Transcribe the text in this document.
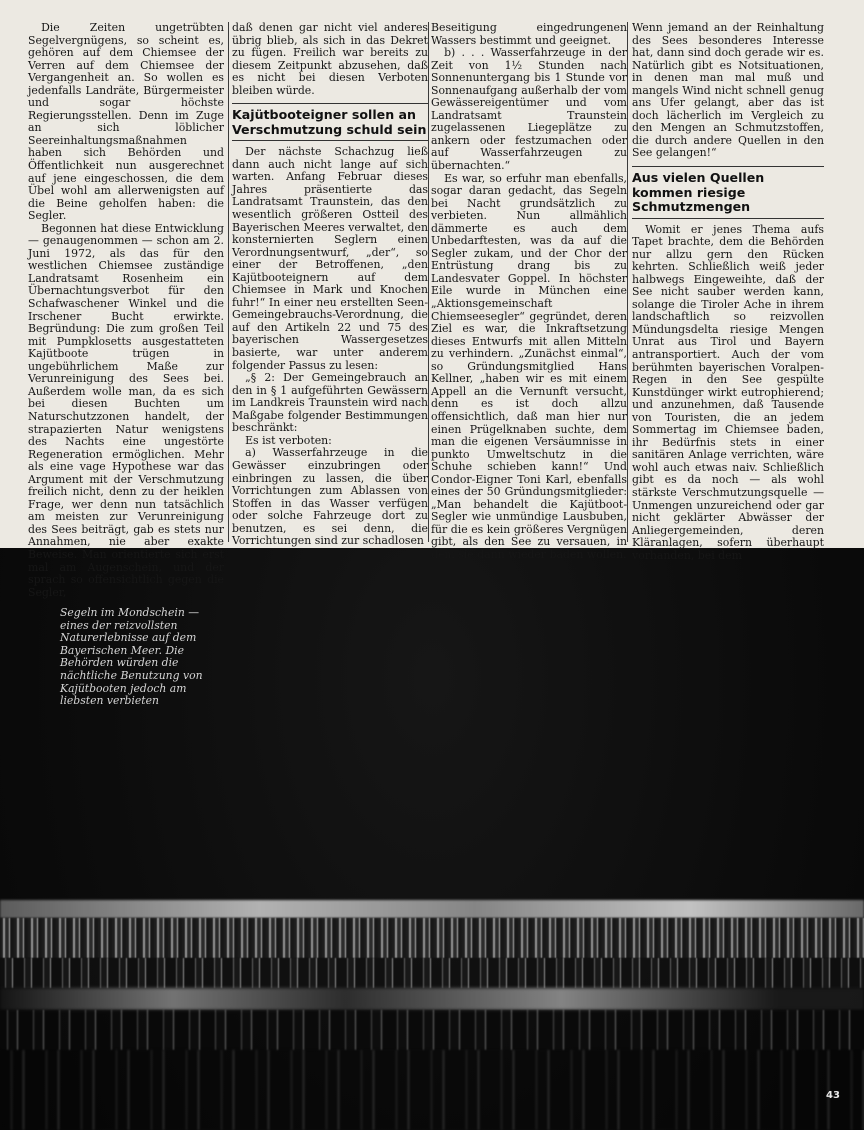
Die Zeiten ungetrübten Segelvergnügens, so scheint es, gehören auf dem Chiemsee der Verren auf dem Chiemsee der Vergangenheit an. So wollen es jedenfalls Landräte, Bürgermeister und sogar höchste Regierungsstellen. Denn im Zuge an sich löblicher Seereinhaltungsmaßnahmen haben sich Behörden und Öffentlichkeit nun ausgerechnet auf jene eingeschossen, die dem Übel wohl am allerwenigsten auf die Beine geholfen haben: die Segler.

Begonnen hat diese Entwicklung — genaugenommen — schon am 2. Juni 1972, als das für den westlichen Chiemsee zuständige Landratsamt Rosenheim ein Übernachtungsverbot für den Schafwaschener Winkel und die Irschener Bucht erwirkte. Begründung: Die zum großen Teil mit Pumpklosetts ausgestatteten Kajütboote trügen in ungebührlichem Maße zur Verunreinigung des Sees bei. Außerdem wolle man, da es sich bei diesen Buchten um Naturschutzzonen handelt, der strapazierten Natur wenigstens des Nachts eine ungestörte Regeneration ermöglichen. Mehr als eine vage Hypothese war das Argument mit der Verschmutzung freilich nicht, denn zu der heiklen Frage, wer denn nun tatsächlich am meisten zur Verunreinigung des Sees beiträgt, gab es stets nur Annahmen, nie aber exakte Beweise. Man orientierte sich erst mal am Augenschein, und der sprach so offensichtlich gegen die Segler,

daß denen gar nicht viel anderes übrig blieb, als sich in das Dekret zu fügen. Freilich war bereits zu diesem Zeitpunkt abzusehen, daß es nicht bei diesen Verboten bleiben würde.

Kajütbooteigner sollen an Verschmutzung schuld sein

Der nächste Schachzug ließ dann auch nicht lange auf sich warten. Anfang Februar dieses Jahres präsentierte das Landratsamt Traunstein, das den wesentlich größeren Ostteil des Bayerischen Meeres verwaltet, den konsternierten Seglern einen Verordnungsentwurf, „der“, so einer der Betroffenen, „den Kajütbooteignern auf dem Chiemsee in Mark und Knochen fuhr!“ In einer neu erstellten Seen-Gemeingebrauchs-Verordnung, die auf den Artikeln 22 und 75 des bayerischen Wassergesetzes basierte, war unter anderem folgender Passus zu lesen:

„§ 2: Der Gemeingebrauch an den in § 1 aufgeführten Gewässern im Landkreis Traunstein wird nach Maßgabe folgender Bestimmungen beschränkt:

Es ist verboten:

a) Wasserfahrzeuge in die Gewässer einzubringen oder einbringen zu lassen, die über Vorrichtungen zum Ablassen von Stoffen in das Wasser verfügen oder solche Fahrzeuge dort zu benutzen, es sei denn, die Vorrichtungen sind zur schadlosen

Beseitigung eingedrungenen Wassers bestimmt und geeignet.

b) . . . Wasserfahrzeuge in der Zeit von 1½ Stunden nach Sonnenuntergang bis 1 Stunde vor Sonnenaufgang außerhalb der vom Gewässereigentümer und vom Landratsamt Traunstein zugelassenen Liegeplätze zu ankern oder festzumachen oder auf Wasserfahrzeugen zu übernachten.“

Es war, so erfuhr man ebenfalls, sogar daran gedacht, das Segeln bei Nacht grundsätzlich zu verbieten. Nun allmählich dämmerte es auch dem Unbedarftesten, was da auf die Segler zukam, und der Chor der Entrüstung drang bis zu Landesvater Goppel. In höchster Eile wurde in München eine „Aktionsgemeinschaft Chiemseesegler“ gegründet, deren Ziel es war, die Inkraftsetzung dieses Entwurfs mit allen Mitteln zu verhindern. „Zunächst einmal“, so Gründungsmitglied Hans Kellner, „haben wir es mit einem Appell an die Vernunft versucht, denn es ist doch allzu offensichtlich, daß man hier nur einen Prügelknaben suchte, dem man die eigenen Versäumnisse in punkto Umweltschutz in die Schuhe schieben kann!“ Und Condor-Eigner Toni Karl, ebenfalls eines der 50 Gründungsmitglieder: „Man behandelt die Kajütboot-Segler wie unmündige Lausbuben, für die es kein größeres Vergnügen gibt, als den See zu versauen, in dem sie dann wieder baden wollen.

Wenn jemand an der Reinhaltung des Sees besonderes Interesse hat, dann sind doch gerade wir es. Natürlich gibt es Notsituationen, in denen man mal muß und mangels Wind nicht schnell genug ans Ufer gelangt, aber das ist doch lächerlich im Vergleich zu den Mengen an Schmutzstoffen, die durch andere Quellen in den See gelangen!“

Aus vielen Quellen kommen riesige Schmutzmengen

Womit er jenes Thema aufs Tapet brachte, dem die Behörden nur allzu gern den Rücken kehrten. Schließlich weiß jeder halbwegs Eingeweihte, daß der See nicht sauber werden kann, solange die Tiroler Ache in ihrem landschaftlich so reizvollen Mündungsdelta riesige Mengen Unrat aus Tirol und Bayern antransportiert. Auch der vom berühmten bayerischen Voralpen-Regen in den See gespülte Kunstdünger wirkt eutrophierend; und anzunehmen, daß Tausende von Touristen, die an jedem Sommertag im Chiemsee baden, ihr Bedürfnis stets in einer sanitären Anlage verrichten, wäre wohl auch etwas naiv. Schließlich gibt es da noch — als wohl stärkste Verschmutzungsquelle — Unmengen unzureichend oder gar nicht geklärter Abwässer der Anliegergemeinden, deren Kläranlagen, sofern überhaupt vorhanden, bei dem

Segeln im Mondschein — eines der reizvollsten Naturerlebnisse auf dem Bayerischen Meer. Die Behörden würden die nächtliche Benutzung von Kajütbooten jedoch am liebsten verbieten
43
